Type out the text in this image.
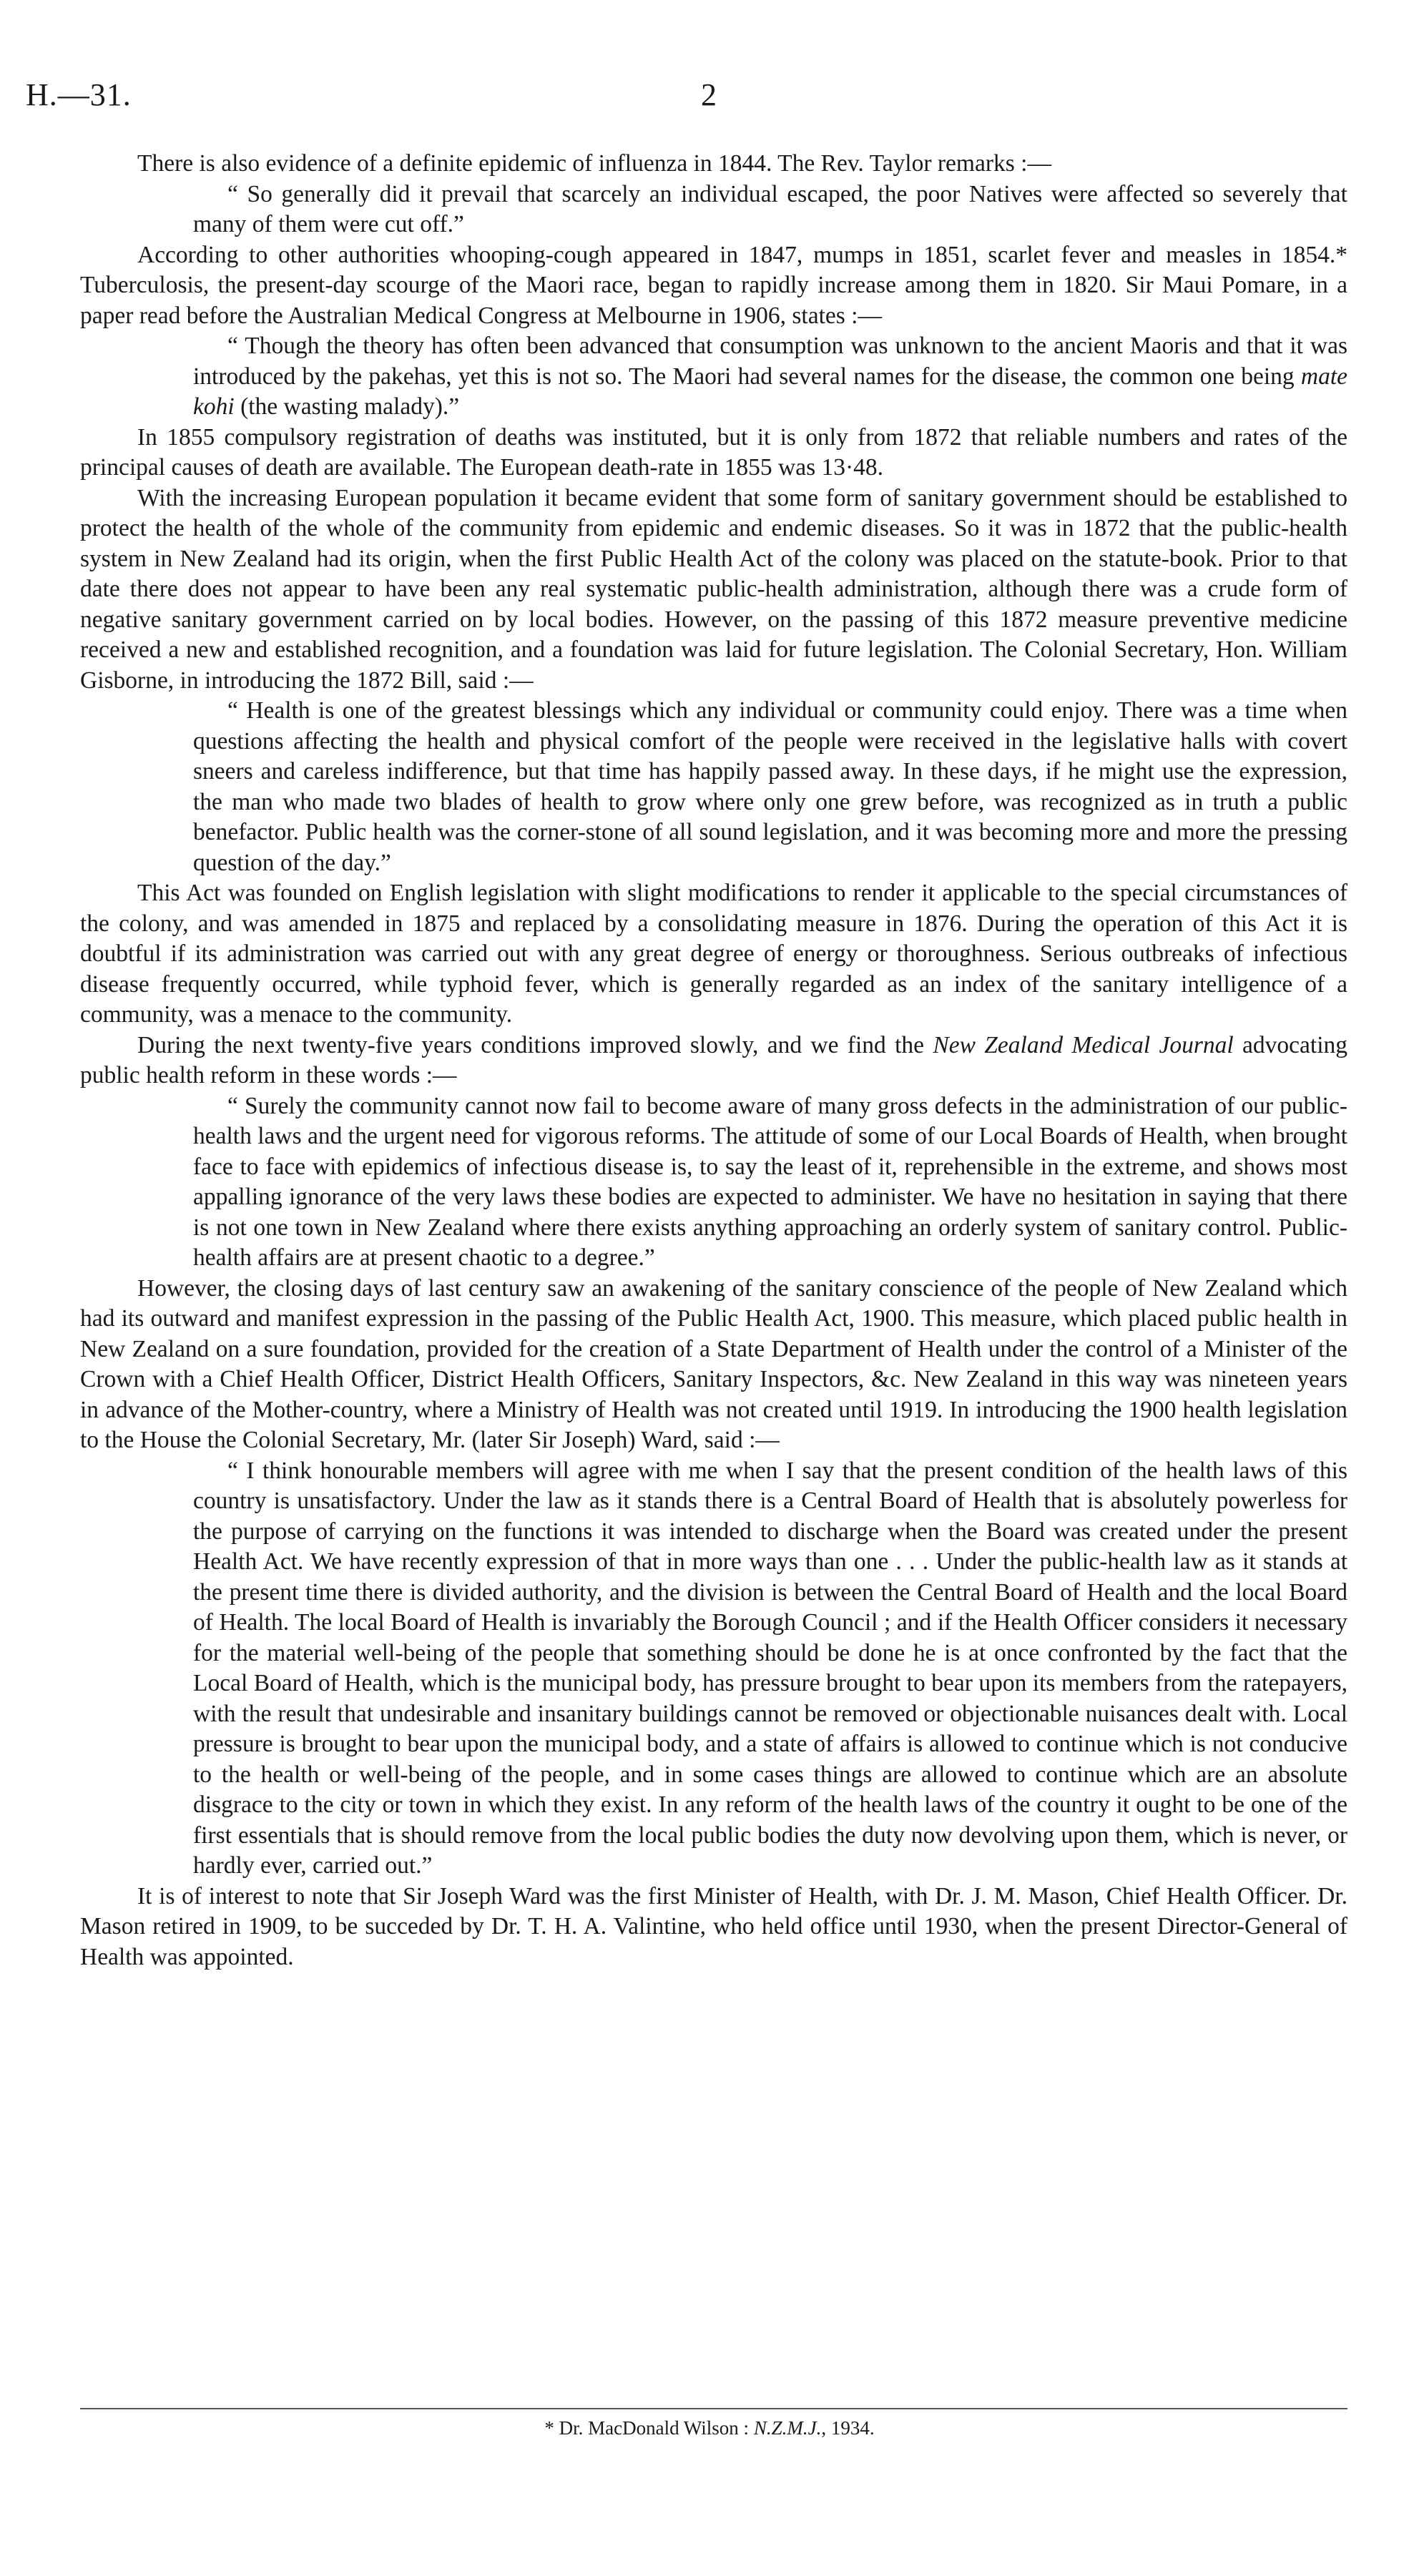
H.—31.	2

There is also evidence of a definite epidemic of influenza in 1844. The Rev. Taylor remarks :—

“ So generally did it prevail that scarcely an individual escaped, the poor Natives were affected so severely that many of them were cut off.”

According to other authorities whooping-cough appeared in 1847, mumps in 1851, scarlet fever and measles in 1854.* Tuberculosis, the present-day scourge of the Maori race, began to rapidly increase among them in 1820. Sir Maui Pomare, in a paper read before the Australian Medical Congress at Melbourne in 1906, states :—

“ Though the theory has often been advanced that consumption was unknown to the ancient Maoris and that it was introduced by the pakehas, yet this is not so. The Maori had several names for the disease, the common one being mate kohi (the wasting malady).”

In 1855 compulsory registration of deaths was instituted, but it is only from 1872 that reliable numbers and rates of the principal causes of death are available. The European death-rate in 1855 was 13·48.

With the increasing European population it became evident that some form of sanitary government should be established to protect the health of the whole of the community from epidemic and endemic diseases. So it was in 1872 that the public-health system in New Zealand had its origin, when the first Public Health Act of the colony was placed on the statute-book. Prior to that date there does not appear to have been any real systematic public-health administration, although there was a crude form of negative sanitary government carried on by local bodies. However, on the passing of this 1872 measure preventive medicine received a new and established recognition, and a foundation was laid for future legislation. The Colonial Secretary, Hon. William Gisborne, in introducing the 1872 Bill, said :—

“ Health is one of the greatest blessings which any individual or community could enjoy. There was a time when questions affecting the health and physical comfort of the people were received in the legislative halls with covert sneers and careless indifference, but that time has happily passed away. In these days, if he might use the expression, the man who made two blades of health to grow where only one grew before, was recognized as in truth a public benefactor. Public health was the corner-stone of all sound legislation, and it was becoming more and more the pressing question of the day.”

This Act was founded on English legislation with slight modifications to render it applicable to the special circumstances of the colony, and was amended in 1875 and replaced by a consolidating measure in 1876. During the operation of this Act it is doubtful if its administration was carried out with any great degree of energy or thoroughness. Serious outbreaks of infectious disease frequently occurred, while typhoid fever, which is generally regarded as an index of the sanitary intelligence of a community, was a menace to the community.

During the next twenty-five years conditions improved slowly, and we find the New Zealand Medical Journal advocating public health reform in these words :—

“ Surely the community cannot now fail to become aware of many gross defects in the administration of our public-health laws and the urgent need for vigorous reforms. The attitude of some of our Local Boards of Health, when brought face to face with epidemics of infectious disease is, to say the least of it, reprehensible in the extreme, and shows most appalling ignorance of the very laws these bodies are expected to administer. We have no hesitation in saying that there is not one town in New Zealand where there exists anything approaching an orderly system of sanitary control. Public-health affairs are at present chaotic to a degree.”

However, the closing days of last century saw an awakening of the sanitary conscience of the people of New Zealand which had its outward and manifest expression in the passing of the Public Health Act, 1900. This measure, which placed public health in New Zealand on a sure foundation, provided for the creation of a State Department of Health under the control of a Minister of the Crown with a Chief Health Officer, District Health Officers, Sanitary Inspectors, &c. New Zealand in this way was nineteen years in advance of the Mother-country, where a Ministry of Health was not created until 1919. In introducing the 1900 health legislation to the House the Colonial Secretary, Mr. (later Sir Joseph) Ward, said :—

“ I think honourable members will agree with me when I say that the present condition of the health laws of this country is unsatisfactory. Under the law as it stands there is a Central Board of Health that is absolutely powerless for the purpose of carrying on the functions it was intended to discharge when the Board was created under the present Health Act. We have recently expression of that in more ways than one . . . Under the public-health law as it stands at the present time there is divided authority, and the division is between the Central Board of Health and the local Board of Health. The local Board of Health is invariably the Borough Council ; and if the Health Officer considers it necessary for the material well-being of the people that something should be done he is at once confronted by the fact that the Local Board of Health, which is the municipal body, has pressure brought to bear upon its members from the ratepayers, with the result that undesirable and insanitary buildings cannot be removed or objectionable nuisances dealt with. Local pressure is brought to bear upon the municipal body, and a state of affairs is allowed to continue which is not conducive to the health or well-being of the people, and in some cases things are allowed to continue which are an absolute disgrace to the city or town in which they exist. In any reform of the health laws of the country it ought to be one of the first essentials that is should remove from the local public bodies the duty now devolving upon them, which is never, or hardly ever, carried out.”

It is of interest to note that Sir Joseph Ward was the first Minister of Health, with Dr. J. M. Mason, Chief Health Officer. Dr. Mason retired in 1909, to be succeded by Dr. T. H. A. Valintine, who held office until 1930, when the present Director-General of Health was appointed.

* Dr. MacDonald Wilson : N.Z.M.J., 1934.
